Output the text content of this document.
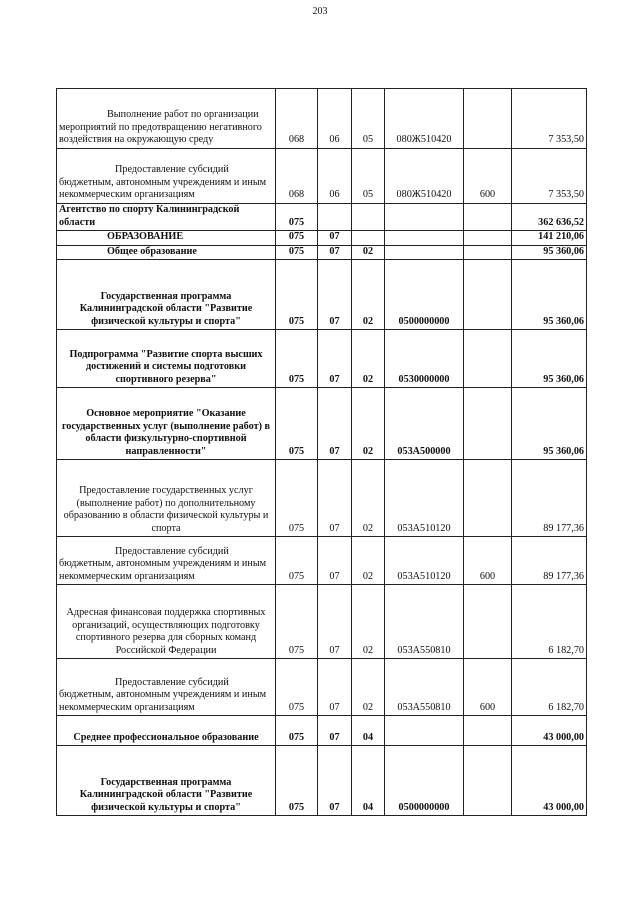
203
Выполнение работ по организации мероприятий по предотвращению негативного воздействия на окружающую среду	068	06	05	080Ж510420		7 353,50
Предоставление субсидий бюджетным, автономным учреждениям и иным некоммерческим организациям	068	06	05	080Ж510420	600	7 353,50
Агентство по спорту Калининградской области	075					362 636,52
ОБРАЗОВАНИЕ	075	07				141 210,06
Общее образование	075	07	02			95 360,06
Государственная программа Калининградской области "Развитие физической культуры и спорта"	075	07	02	0500000000		95 360,06
Подпрограмма "Развитие спорта высших достижений и системы подготовки спортивного резерва"	075	07	02	0530000000		95 360,06
Основное мероприятие "Оказание государственных услуг (выполнение работ) в области физкультурно-спортивной направленности"	075	07	02	053А500000		95 360,06
Предоставление государственных услуг (выполнение работ) по дополнительному образованию в области физической культуры и спорта	075	07	02	053А510120		89 177,36
Предоставление субсидий бюджетным, автономным учреждениям и иным некоммерческим организациям	075	07	02	053А510120	600	89 177,36
Адресная финансовая поддержка спортивных организаций, осуществляющих подготовку спортивного резерва для сборных команд Российской Федерации	075	07	02	053А550810		6 182,70
Предоставление субсидий бюджетным, автономным учреждениям и иным некоммерческим организациям	075	07	02	053А550810	600	6 182,70
Среднее профессиональное образование	075	07	04			43 000,00
Государственная программа Калининградской области "Развитие физической культуры и спорта"	075	07	04	0500000000		43 000,00
